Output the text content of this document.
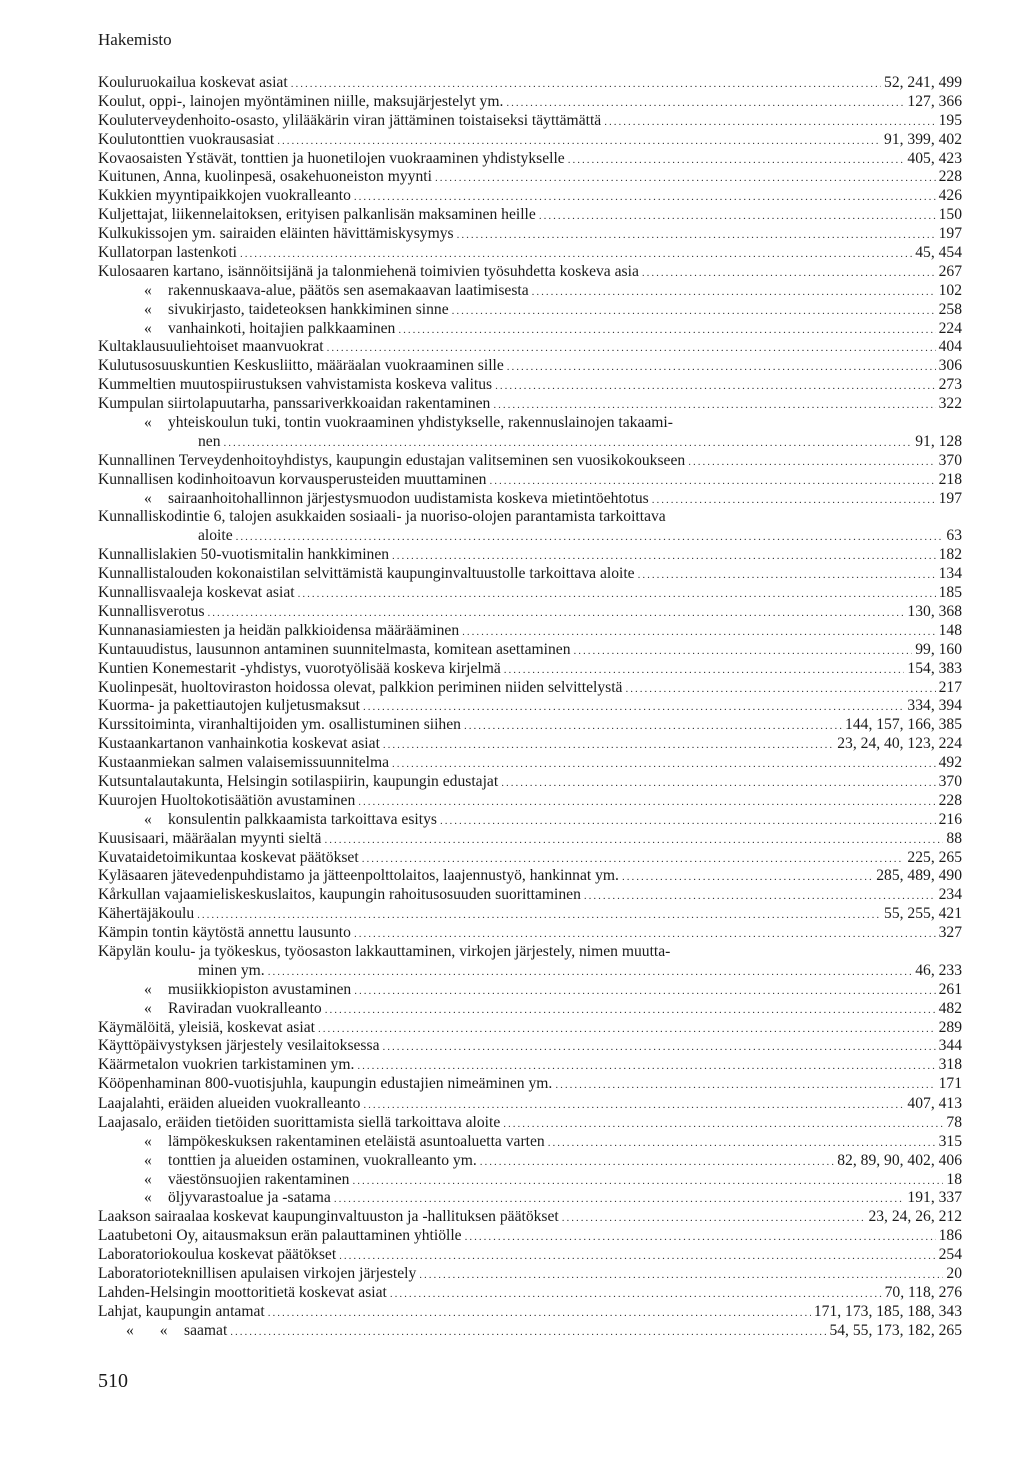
Hakemisto
Kouluruokailua koskevat asiat .....	52, 241, 499
Koulut, oppi-, lainojen myöntäminen niille, maksujärjestelyt ym. .....	127, 366
Kouluterveydenhoito-osasto, ylilääkärin viran jättäminen toistaiseksi täyttämättä .....	195
Koulutonttien vuokrausasiat .....	91, 399, 402
Kovaosaisten Ystävät, tonttien ja huonetilojen vuokraaminen yhdistykselle .....	405, 423
Kuitunen, Anna, kuolinpesä, osakehuoneiston myynti .....	228
Kukkien myyntipaikkojen vuokralleanto .....	426
Kuljettajat, liikennelaitoksen, erityisen palkanlisän maksaminen heille .....	150
Kulkukissojen ym. sairaiden eläinten hävittämiskysymys .....	197
Kullatorpan lastenkoti .....	45, 454
Kulosaaren kartano, isännöitsijänä ja talonmiehenä toimivien työsuhdetta koskeva asia .....	267
«	rakennuskaava-alue, päätös sen asemakaavan laatimisesta .....	102
«	sivukirjasto, taideteoksen hankkiminen sinne .....	258
«	vanhainkoti, hoitajien palkkaaminen .....	224
Kultaklausuuliehtoiset maanvuokrat .....	404
Kulutusosuuskuntien Keskusliitto, määräalan vuokraaminen sille .....	306
Kummeltien muutospiirustuksen vahvistamista koskeva valitus .....	273
Kumpulan siirtolapuutarha, panssariverkkoaidan rakentaminen .....	322
«	yhteiskoulun tuki, tontin vuokraaminen yhdistykselle, rakennuslainojen takaami-
nen .....	91, 128
Kunnallinen Terveydenhoitoyhdistys, kaupungin edustajan valitseminen sen vuosikokoukseen .....	370
Kunnallisen kodinhoitoavun korvausperusteiden muuttaminen .....	218
«	sairaanhoitohallinnon järjestysmuodon uudistamista koskeva mietintöehtotus .....	197
Kunnalliskodintie 6, talojen asukkaiden sosiaali- ja nuoriso-olojen parantamista tarkoittava
aloite .....	63
Kunnallislakien 50-vuotismitalin hankkiminen .....	182
Kunnallistalouden kokonaistilan selvittämistä kaupunginvaltuustolle tarkoittava aloite .....	134
Kunnallisvaaleja koskevat asiat .....	185
Kunnallisverotus .....	130, 368
Kunnanasiamiesten ja heidän palkkioidensa määrääminen .....	148
Kuntauudistus, lausunnon antaminen suunnitelmasta, komitean asettaminen .....	99, 160
Kuntien Konemestarit -yhdistys, vuorotyölisää koskeva kirjelmä .....	154, 383
Kuolinpesät, huoltoviraston hoidossa olevat, palkkion periminen niiden selvittelystä .....	217
Kuorma- ja pakettiautojen kuljetusmaksut .....	334, 394
Kurssitoiminta, viranhaltijoiden ym. osallistuminen siihen .....	144, 157, 166, 385
Kustaankartanon vanhainkotia koskevat asiat .....	23, 24, 40, 123, 224
Kustaanmiekan salmen valaisemissuunnitelma .....	492
Kutsuntalautakunta, Helsingin sotilaspiirin, kaupungin edustajat .....	370
Kuurojen Huoltokotisäätiön avustaminen .....	228
«	konsulentin palkkaamista tarkoittava esitys .....	216
Kuusisaari, määräalan myynti sieltä .....	88
Kuvataidetoimikuntaa koskevat päätökset .....	225, 265
Kyläsaaren jätevedenpuhdistamo ja jätteenpolttolaitos, laajennustyö, hankinnat ym. .....	285, 489, 490
Kårkullan vajaamieliskeskuslaitos, kaupungin rahoitusosuuden suorittaminen .....	234
Kähertäjäkoulu .....	55, 255, 421
Kämpin tontin käytöstä annettu lausunto .....	327
Käpylän koulu- ja työkeskus, työosaston lakkauttaminen, virkojen järjestely, nimen muutta-
minen ym. .....	46, 233
«	musiikkiopiston avustaminen .....	261
«	Raviradan vuokralleanto .....	482
Käymälöitä, yleisiä, koskevat asiat .....	289
Käyttöpäivystyksen järjestely vesilaitoksessa .....	344
Käärmetalon vuokrien tarkistaminen ym. .....	318
Kööpenhaminan 800-vuotisjuhla, kaupungin edustajien nimeäminen ym. .....	171
Laajalahti, eräiden alueiden vuokralleanto .....	407, 413
Laajasalo, eräiden tietöiden suorittamista siellä tarkoittava aloite .....	78
«	lämpökeskuksen rakentaminen eteläistä asuntoaluetta varten .....	315
«	tonttien ja alueiden ostaminen, vuokralleanto ym. .....	82, 89, 90, 402, 406
«	väestönsuojien rakentaminen .....	18
«	öljyvarastoalue ja -satama .....	191, 337
Laakson sairaalaa koskevat kaupunginvaltuuston ja -hallituksen päätökset .....	23, 24, 26, 212
Laatubetoni Oy, aitausmaksun erän palauttaminen yhtiölle .....	186
Laboratoriokoulua koskevat päätökset .....	254
Laboratorioteknillisen apulaisen virkojen järjestely .....	20
Lahden-Helsingin moottoritietä koskevat asiat .....	70, 118, 276
Lahjat, kaupungin antamat .....	171, 173, 185, 188, 343
« «	saamat .....	54, 55, 173, 182, 265
510
